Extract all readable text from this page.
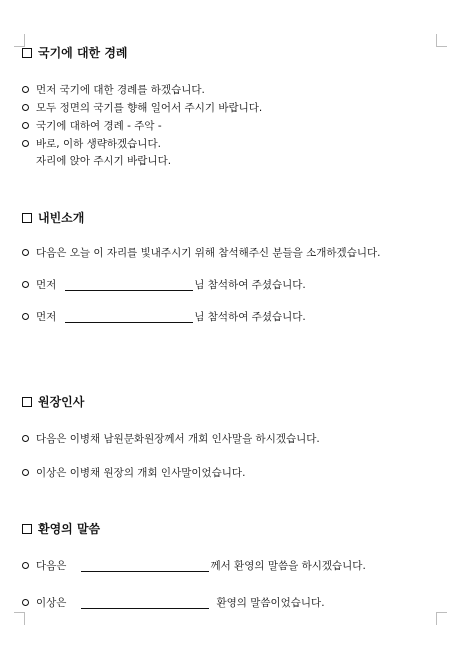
국기에 대한 경례
먼저 국기에 대한 경례를 하겠습니다.
모두 정면의 국기를 향해 일어서 주시기 바랍니다.
국기에 대하여 경례 - 주악 -
바로, 이하 생략하겠습니다.
자리에 앉아 주시기 바랍니다.
내빈소개
다음은 오늘 이 자리를 빛내주시기 위해 참석해주신 분들을 소개하겠습니다.
먼저	님 참석하여 주셨습니다.
먼저	님 참석하여 주셨습니다.
원장인사
다음은 이병채 남원문화원장께서 개회 인사말을 하시겠습니다.
이상은 이병채 원장의 개회 인사말이었습니다.
환영의 말씀
다음은	께서 환영의 말씀을 하시겠습니다.
이상은	환영의 말씀이었습니다.
